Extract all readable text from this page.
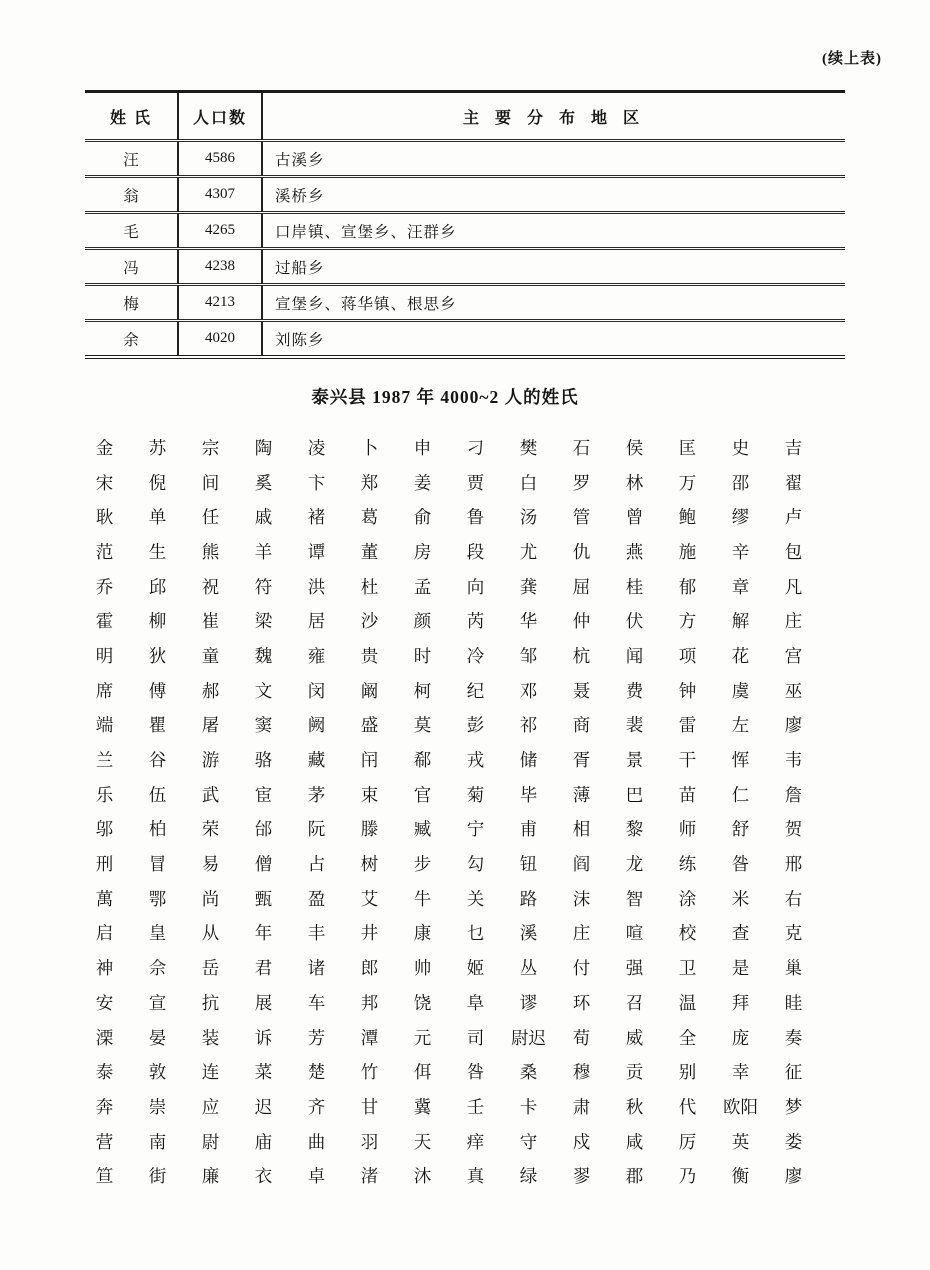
(续上表)
姓 氏	人口数	主 要 分 布 地 区
汪	4586	古溪乡
翁	4307	溪桥乡
毛	4265	口岸镇、宣堡乡、汪群乡
冯	4238	过船乡
梅	4213	宣堡乡、蒋华镇、根思乡
余	4020	刘陈乡
泰兴县 1987 年 4000~2 人的姓氏
金	苏	宗	陶	凌	卜	申	刁	樊	石	侯	匡	史	吉
宋	倪	间	奚	卞	郑	姜	贾	白	罗	林	万	邵	翟
耿	单	任	戚	褚	葛	俞	鲁	汤	管	曾	鲍	缪	卢
范	生	熊	羊	谭	董	房	段	尤	仇	燕	施	辛	包
乔	邱	祝	符	洪	杜	孟	向	龚	屈	桂	郁	章	凡
霍	柳	崔	梁	居	沙	颜	芮	华	仲	伏	方	解	庄
明	狄	童	魏	雍	贵	时	冷	邹	杭	闻	项	花	宫
席	傅	郝	文	闵	阚	柯	纪	邓	聂	费	钟	虞	巫
端	瞿	屠	窦	阙	盛	莫	彭	祁	商	裴	雷	左	廖
兰	谷	游	骆	藏	闬	郗	戎	储	胥	景	干	恽	韦
乐	伍	武	宦	茅	束	官	菊	毕	薄	巴	苗	仁	詹
邬	柏	荣	邰	阮	滕	臧	宁	甫	相	黎	师	舒	贺
刑	冒	易	僧	占	树	步	勾	钮	阎	龙	练	昝	邢
萬	鄂	尚	甄	盈	艾	牛	关	路	沫	智	涂	米	右
启	皇	从	年	丰	井	康	乜	溪	庄	喧	校	查	克
神	佘	岳	君	诸	郎	帅	姬	丛	付	强	卫	是	巢
安	宣	抗	展	车	邦	饶	阜	谬	环	召	温	拜	眭
溧	晏	装	诉	芳	潭	元	司	尉迟	荀	威	全	庞	奏
泰	敦	连	菜	楚	竹	佴	咎	桑	穆	贡	别	幸	征
奔	崇	应	迟	齐	甘	冀	壬	卡	肃	秋	代	欧阳	梦
营	南	尉	庙	曲	羽	天	痒	守	戍	咸	厉	英	娄
笪	街	廉	衣	卓	渚	沐	真	绿	翏	郡	乃	衡	廖
